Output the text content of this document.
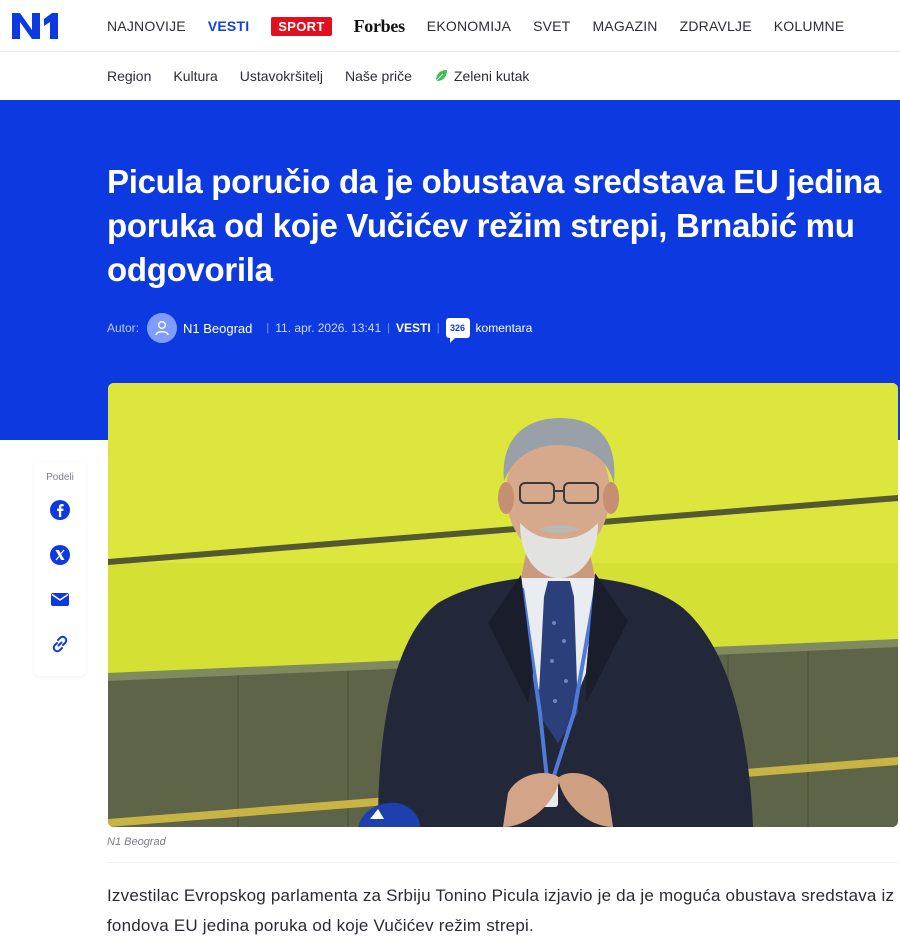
NAJNOVIJE VESTI	SPORT	Forbes EKONOMIJA SVET MAGAZIN ZDRAVLJE KOLUMNE
Region Kultura Ustavokršitelj Naše priče	Zeleni kutak
Picula poručio da je obustava sredstava EU jedina poruka od koje Vučićev režim strepi, Brnabić mu odgovorila
Autor:	N1 Beograd | 11. apr. 2026. 13:41 | VESTI |	326 komentara
Podeli
N1 Beograd

Izvestilac Evropskog parlamenta za Srbiju Tonino Picula izjavio je da je moguća obustava sredstava iz fondova EU jedina poruka od koje Vučićev režim strepi.
